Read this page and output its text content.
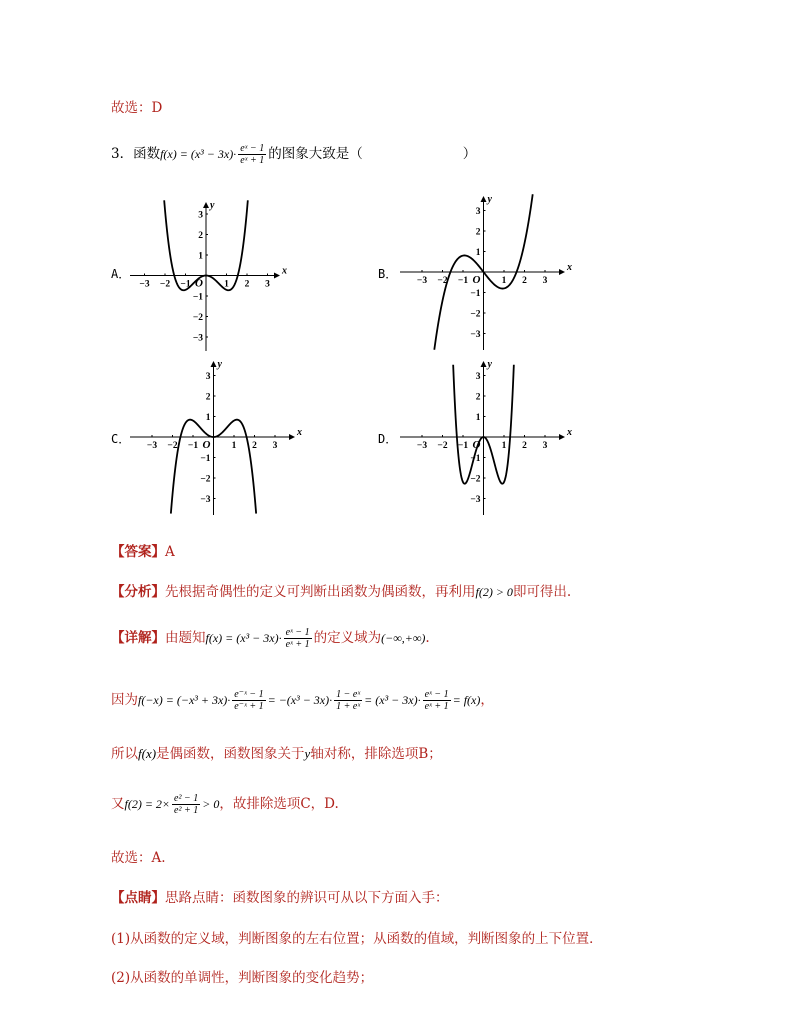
故选：D
3．函数$f(x) = (x^3 - 3x)\cdot \frac{\text{eˣ − 1}}{\text{eˣ + 1}}$ 的图象大致是（	）
A．	B．
C．	D．
−3 −2 −1	1 2 3
3
2
1
−1
−2
−3
x
y
O	−3 −2 −1	1 2 3
3
2
1
−1
−2
−3
x
y
O
−3 −2 −1	1 2 3
3
2
1
−1
−2
−3
x
y
O	−3 −2 −1	1 2 3
3
2
1
−1
−2
−3
x
y
O
【答案】A
【分析】先根据奇偶性的定义可判断出函数为偶函数，再利用f(2) > 0即可得出.
【详解】由题知$f(x) = (x^3 - 3x)\cdot \frac{\text{eˣ − 1}}{\text{eˣ + 1}}$ 的定义域为(−∞,+∞).
因为$f(-x) = (-x^3 + 3x)\cdot \frac{\text{e⁻ˣ − 1}}{\text{e⁻ˣ + 1}} = -(x^3 - 3x)\cdot \frac{\text{1 − eˣ}}{\text{1 + eˣ}} = (x^3 - 3x)\cdot \frac{\text{eˣ − 1}}{\text{eˣ + 1}} = f(x)$，
所以f(x)是偶函数，函数图象关于y轴对称，排除选项B；
又$f(2) = 2\times \frac{\text{e² − 1}}{\text{e² + 1}} > 0$，故排除选项C，D.
故选：A.
【点睛】思路点睛：函数图象的辨识可从以下方面入手：
(1)从函数的定义域，判断图象的左右位置；从函数的值域，判断图象的上下位置．
(2)从函数的单调性，判断图象的变化趋势；
